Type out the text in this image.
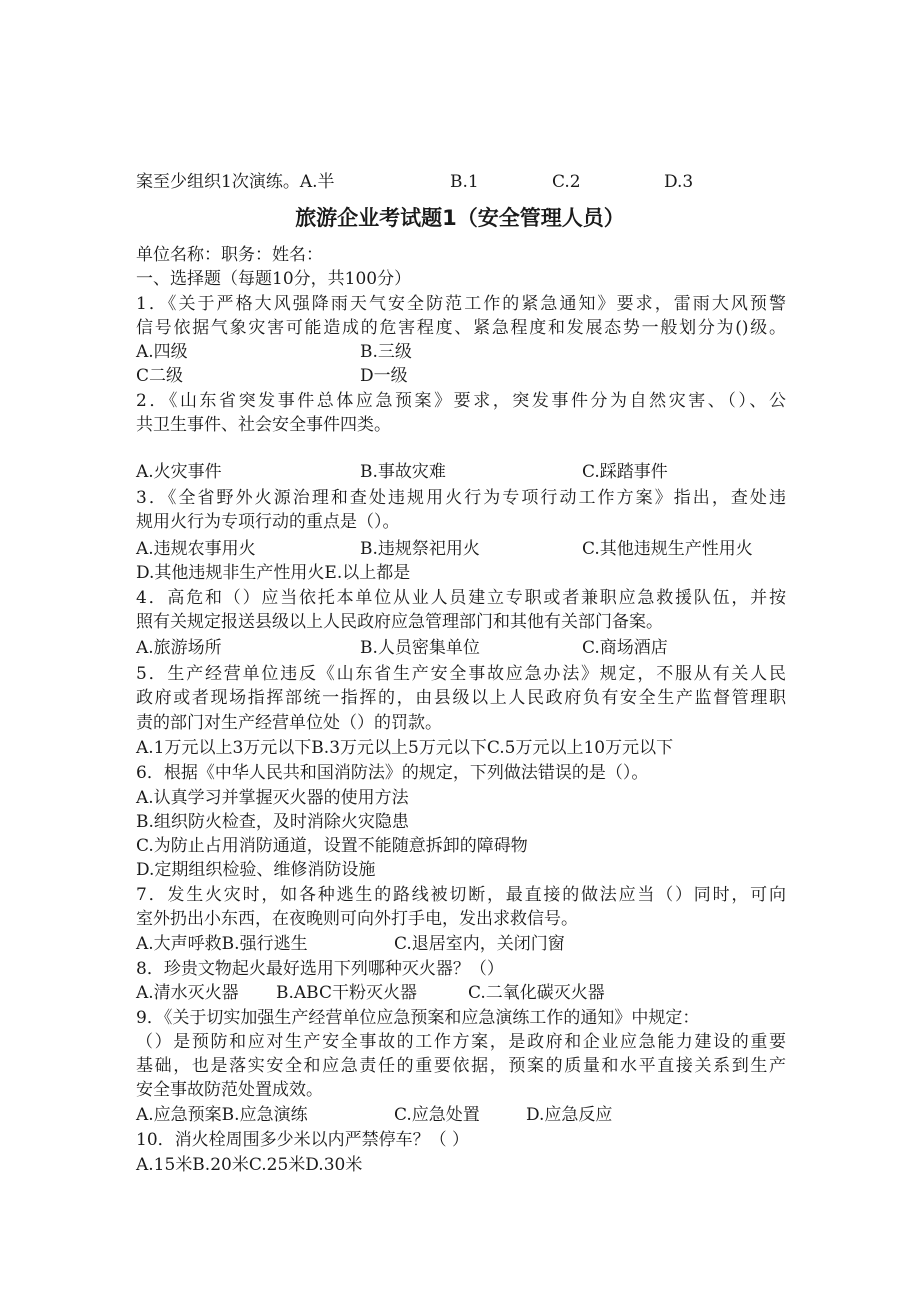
案至少组织1次演练。A.半	B.1	C.2	D.3
旅游企业考试题1（安全管理人员）
单位名称：职务：姓名：
一、选择题（每题10分，共100分）
1．《关于严格大风强降雨天气安全防范工作的紧急通知》要求，雷雨大风预警
信号依据气象灾害可能造成的危害程度、紧急程度和发展态势一般划分为()级。
A.四级	B.三级
C二级	D一级
2．《山东省突发事件总体应急预案》要求，突发事件分为自然灾害、（）、公
共卫生事件、社会安全事件四类。
A.火灾事件	B.事故灾难	C.踩踏事件
3．《全省野外火源治理和查处违规用火行为专项行动工作方案》指出，查处违
规用火行为专项行动的重点是（）。
A.违规农事用火	B.违规祭祀用火	C.其他违规生产性用火
D.其他违规非生产性用火E.以上都是
4．高危和（）应当依托本单位从业人员建立专职或者兼职应急救援队伍，并按
照有关规定报送县级以上人民政府应急管理部门和其他有关部门备案。
A.旅游场所	B.人员密集单位	C.商场酒店
5．生产经营单位违反《山东省生产安全事故应急办法》规定，不服从有关人民
政府或者现场指挥部统一指挥的，由县级以上人民政府负有安全生产监督管理职
责的部门对生产经营单位处（）的罚款。
A.1万元以上3万元以下B.3万元以上5万元以下C.5万元以上10万元以下
6．根据《中华人民共和国消防法》的规定，下列做法错误的是（）。
A.认真学习并掌握灭火器的使用方法
B.组织防火检查，及时消除火灾隐患
C.为防止占用消防通道，设置不能随意拆卸的障碍物
D.定期组织检验、维修消防设施
7．发生火灾时，如各种逃生的路线被切断，最直接的做法应当（）同时，可向
室外扔出小东西，在夜晚则可向外打手电，发出求救信号。
A.大声呼救B.强行逃生	C.退居室内，关闭门窗
8．珍贵文物起火最好选用下列哪种灭火器？（）
A.清水灭火器	B.ABC干粉灭火器	C.二氧化碳灭火器
9．《关于切实加强生产经营单位应急预案和应急演练工作的通知》中规定：
（）是预防和应对生产安全事故的工作方案，是政府和企业应急能力建设的重要
基础，也是落实安全和应急责任的重要依据，预案的质量和水平直接关系到生产
安全事故防范处置成效。
A.应急预案B.应急演练	C.应急处置	D.应急反应
10．消火栓周围多少米以内严禁停车？（ ）
A.15米B.20米C.25米D.30米
